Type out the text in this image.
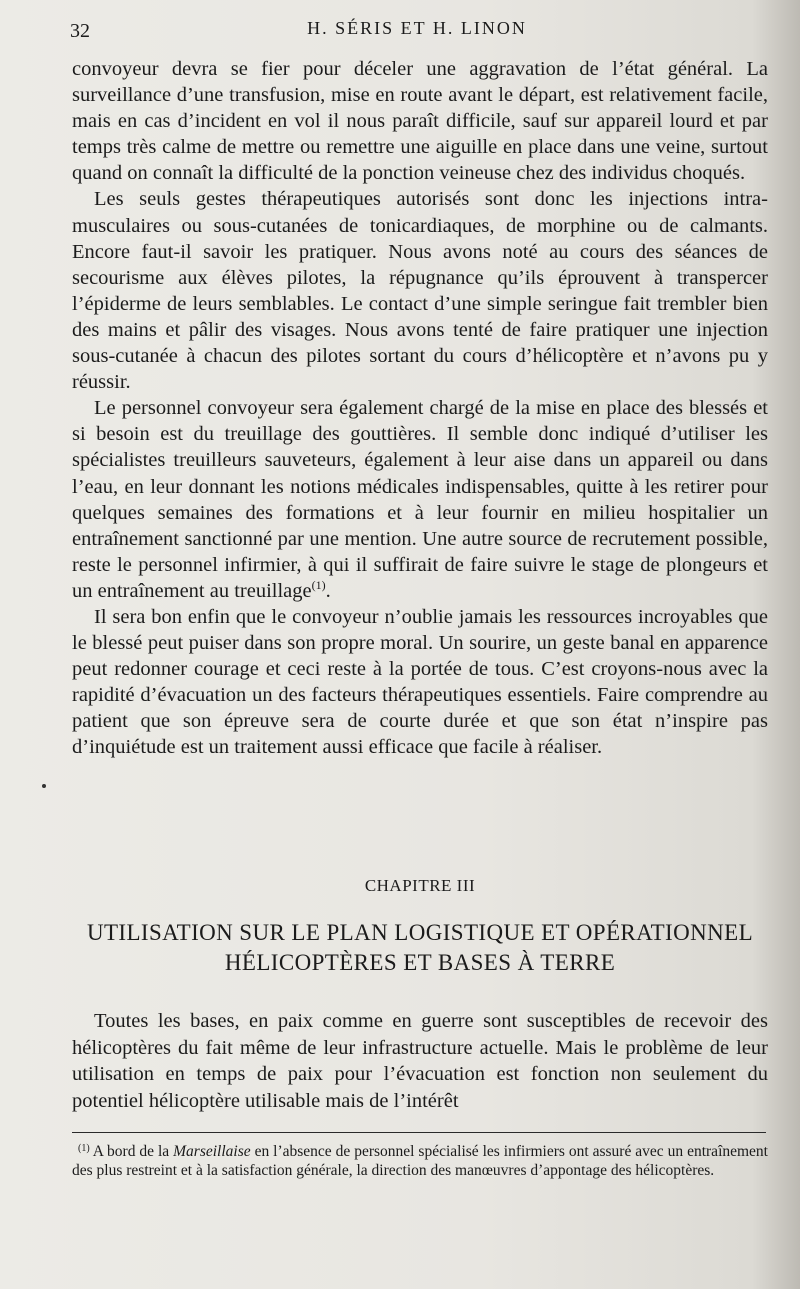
32	H. SÉRIS ET H. LINON

convoyeur devra se fier pour déceler une aggravation de l’état général. La surveillance d’une transfusion, mise en route avant le départ, est relativement facile, mais en cas d’incident en vol il nous paraît difficile, sauf sur appareil lourd et par temps très calme de mettre ou remettre une aiguille en place dans une veine, surtout quand on connaît la difficulté de la ponction veineuse chez des individus choqués.

Les seuls gestes thérapeutiques autorisés sont donc les injections intra-musculaires ou sous-cutanées de tonicardiaques, de morphine ou de calmants. Encore faut-il savoir les pratiquer. Nous avons noté au cours des séances de secourisme aux élèves pilotes, la répugnance qu’ils éprouvent à transpercer l’épiderme de leurs semblables. Le contact d’une simple seringue fait trembler bien des mains et pâlir des visages. Nous avons tenté de faire pratiquer une injection sous-cutanée à chacun des pilotes sortant du cours d’hélicoptère et n’avons pu y réussir.

Le personnel convoyeur sera également chargé de la mise en place des blessés et si besoin est du treuillage des gouttières. Il semble donc indiqué d’utiliser les spécialistes treuilleurs sauveteurs, également à leur aise dans un appareil ou dans l’eau, en leur donnant les notions médicales indispensables, quitte à les retirer pour quelques semaines des formations et à leur fournir en milieu hospitalier un entraînement sanctionné par une mention. Une autre source de recrutement possible, reste le personnel infirmier, à qui il suffirait de faire suivre le stage de plongeurs et un entraînement au treuillage$^{(1)}$.

Il sera bon enfin que le convoyeur n’oublie jamais les ressources incroyables que le blessé peut puiser dans son propre moral. Un sourire, un geste banal en apparence peut redonner courage et ceci reste à la portée de tous. C’est croyons-nous avec la rapidité d’évacuation un des facteurs thérapeutiques essentiels. Faire comprendre au patient que son épreuve sera de courte durée et que son état n’inspire pas d’inquiétude est un traitement aussi efficace que facile à réaliser.

CHAPITRE III
UTILISATION SUR LE PLAN LOGISTIQUE ET OPÉRATIONNEL
HÉLICOPTÈRES ET BASES À TERRE

Toutes les bases, en paix comme en guerre sont susceptibles de recevoir des hélicoptères du fait même de leur infrastructure actuelle. Mais le problème de leur utilisation en temps de paix pour l’évacuation est fonction non seulement du potentiel hélicoptère utilisable mais de l’intérêt

$^{(1)}$ A bord de la Marseillaise en l’absence de personnel spécialisé les infirmiers ont assuré avec un entraînement des plus restreint et à la satisfaction générale, la direction des manœuvres d’appontage des hélicoptères.
